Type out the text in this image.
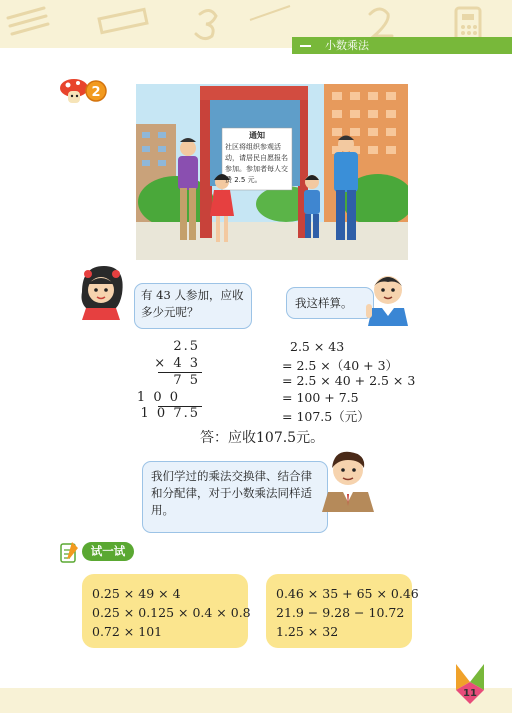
小数乘法
2
通知
社区将组织参观活
动，请居民自愿报名
参加。参加者每人交
费 2.5 元。
有 43 人参加，应收多少元呢？
我这样算。
2.5
× 4 3
7 5
1 0 0
1 0 7.5
2.5 × 43
= 2.5 ×（40 + 3）
= 2.5 × 40 + 2.5 × 3
= 100 + 7.5
= 107.5（元）
答：应收107.5元。
我们学过的乘法交换律、结合律和分配律，对于小数乘法同样适用。
试一试
0.25 × 49 × 4
0.25 × 0.125 × 0.4 × 0.8
0.72 × 101
0.46 × 35 + 65 × 0.46
21.9 − 9.28 − 10.72
1.25 × 32
11
